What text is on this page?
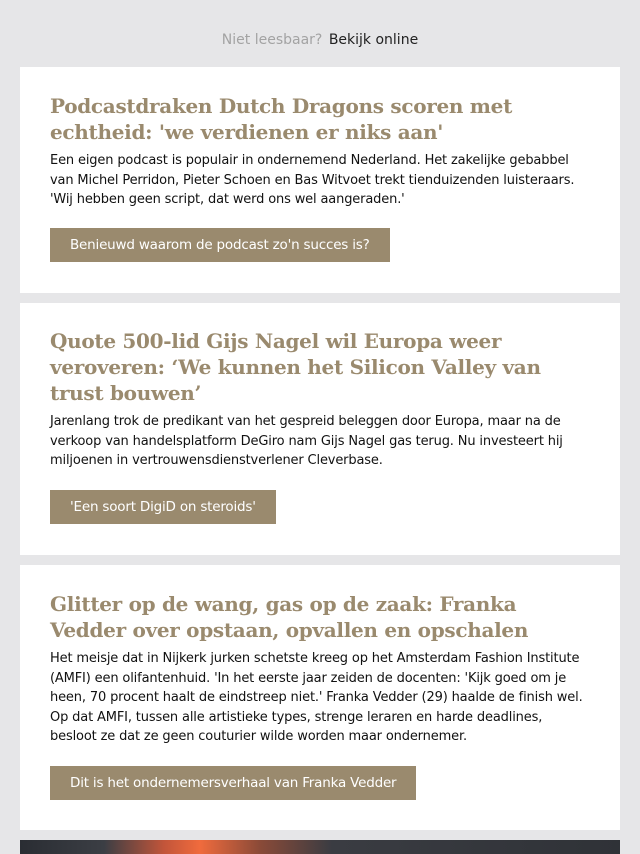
Niet leesbaar? Bekijk online
Podcastdraken Dutch Dragons scoren met echtheid: 'we verdienen er niks aan'

Een eigen podcast is populair in ondernemend Nederland. Het zakelijke gebabbel van Michel Perridon, Pieter Schoen en Bas Witvoet trekt tienduizenden luisteraars. 'Wij hebben geen script, dat werd ons wel aangeraden.'

Benieuwd waarom de podcast zo'n succes is?
Quote 500-lid Gijs Nagel wil Europa weer veroveren: ‘We kunnen het Silicon Valley van trust bouwen’

Jarenlang trok de predikant van het gespreid beleggen door Europa, maar na de verkoop van handelsplatform DeGiro nam Gijs Nagel gas terug. Nu investeert hij miljoenen in vertrouwensdienstverlener Cleverbase.

'Een soort DigiD on steroids'
Glitter op de wang, gas op de zaak: Franka Vedder over opstaan, opvallen en opschalen

Het meisje dat in Nijkerk jurken schetste kreeg op het Amsterdam Fashion Institute (AMFI) een olifantenhuid. 'In het eerste jaar zeiden de docenten: 'Kijk goed om je heen, 70 procent haalt de eindstreep niet.' Franka Vedder (29) haalde de finish wel. Op dat AMFI, tussen alle artistieke types, strenge leraren en harde deadlines, besloot ze dat ze geen couturier wilde worden maar ondernemer.

Dit is het ondernemersverhaal van Franka Vedder
